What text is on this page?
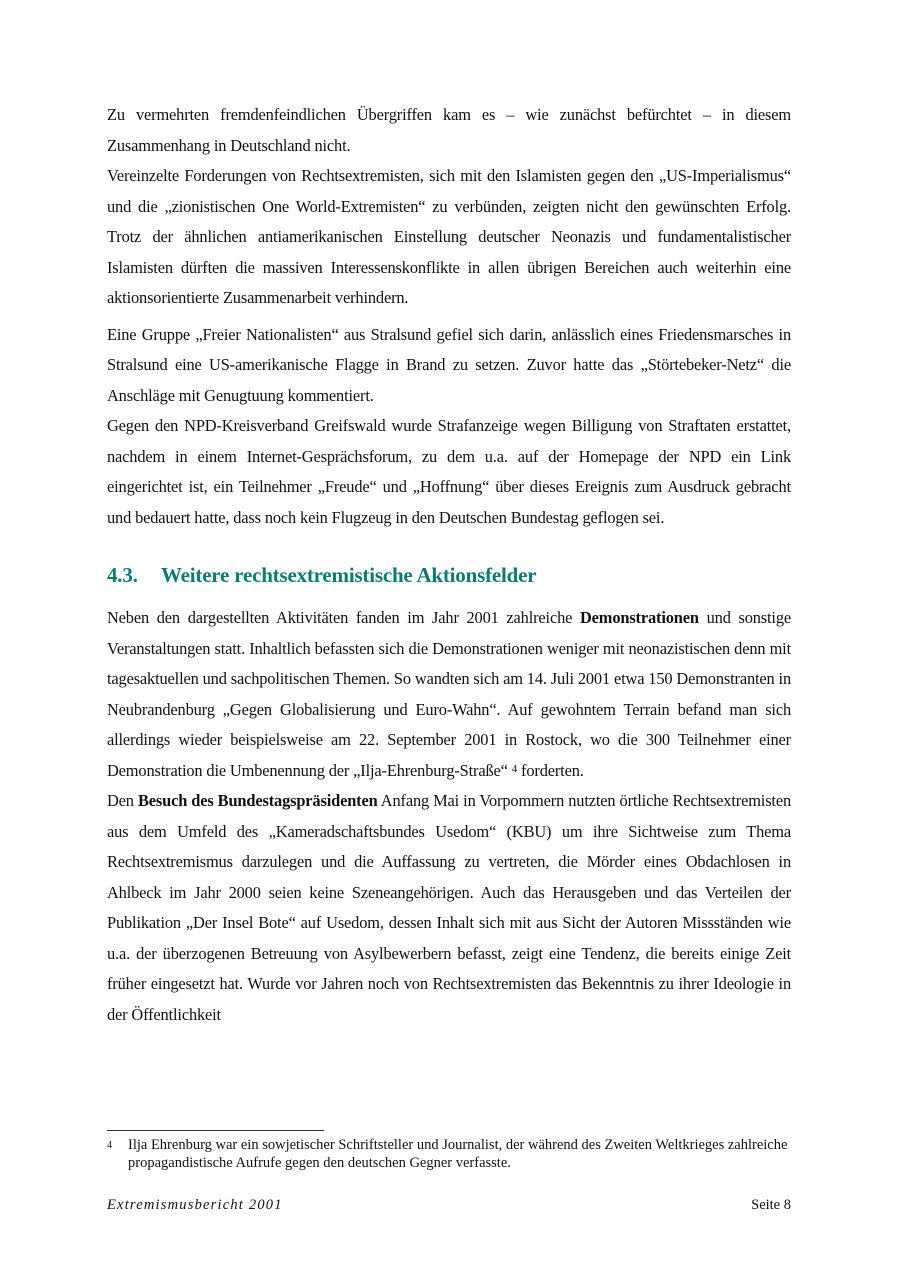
Zu vermehrten fremdenfeindlichen Übergriffen kam es – wie zunächst befürchtet – in diesem Zusammenhang in Deutschland nicht.

Vereinzelte Forderungen von Rechtsextremisten, sich mit den Islamisten gegen den „US-Imperialismus“ und die „zionistischen One World-Extremisten“ zu verbünden, zeigten nicht den gewünschten Erfolg. Trotz der ähnlichen antiamerikanischen Einstellung deutscher Neonazis und fundamentalistischer Islamisten dürften die massiven Interessenskonflikte in allen übrigen Bereichen auch weiterhin eine aktionsorientierte Zusammenarbeit verhindern.

Eine Gruppe „Freier Nationalisten“ aus Stralsund gefiel sich darin, anlässlich eines Friedensmarsches in Stralsund eine US-amerikanische Flagge in Brand zu setzen. Zuvor hatte das „Störtebeker-Netz“ die Anschläge mit Genugtuung kommentiert.

Gegen den NPD-Kreisverband Greifswald wurde Strafanzeige wegen Billigung von Straftaten erstattet, nachdem in einem Internet-Gesprächsforum, zu dem u.a. auf der Homepage der NPD ein Link eingerichtet ist, ein Teilnehmer „Freude“ und „Hoffnung“ über dieses Ereignis zum Ausdruck gebracht und bedauert hatte, dass noch kein Flugzeug in den Deutschen Bundestag geflogen sei.

4.3. Weitere rechtsextremistische Aktionsfelder

Neben den dargestellten Aktivitäten fanden im Jahr 2001 zahlreiche Demonstrationen und sonstige Veranstaltungen statt. Inhaltlich befassten sich die Demonstrationen weniger mit neonazistischen denn mit tagesaktuellen und sachpolitischen Themen. So wandten sich am 14. Juli 2001 etwa 150 Demonstranten in Neubrandenburg „Gegen Globalisierung und Euro-Wahn“. Auf gewohntem Terrain befand man sich allerdings wieder beispielsweise am 22. September 2001 in Rostock, wo die 300 Teilnehmer einer Demonstration die Umbenennung der „Ilja-Ehrenburg-Straße“ $^4$ forderten.

Den Besuch des Bundestagspräsidenten Anfang Mai in Vorpommern nutzten örtliche Rechtsextremisten aus dem Umfeld des „Kameradschaftsbundes Usedom“ (KBU) um ihre Sichtweise zum Thema Rechtsextremismus darzulegen und die Auffassung zu vertreten, die Mörder eines Obdachlosen in Ahlbeck im Jahr 2000 seien keine Szeneangehörigen. Auch das Herausgeben und das Verteilen der Publikation „Der Insel Bote“ auf Usedom, dessen Inhalt sich mit aus Sicht der Autoren Missständen wie u.a. der überzogenen Betreuung von Asylbewerbern befasst, zeigt eine Tendenz, die bereits einige Zeit früher eingesetzt hat. Wurde vor Jahren noch von Rechtsextremisten das Bekenntnis zu ihrer Ideologie in der Öffentlichkeit

4	Ilja Ehrenburg war ein sowjetischer Schriftsteller und Journalist, der während des Zweiten Weltkrieges zahlreiche propagandistische Aufrufe gegen den deutschen Gegner verfasste.
Extremismusbericht 2001	Seite 8
